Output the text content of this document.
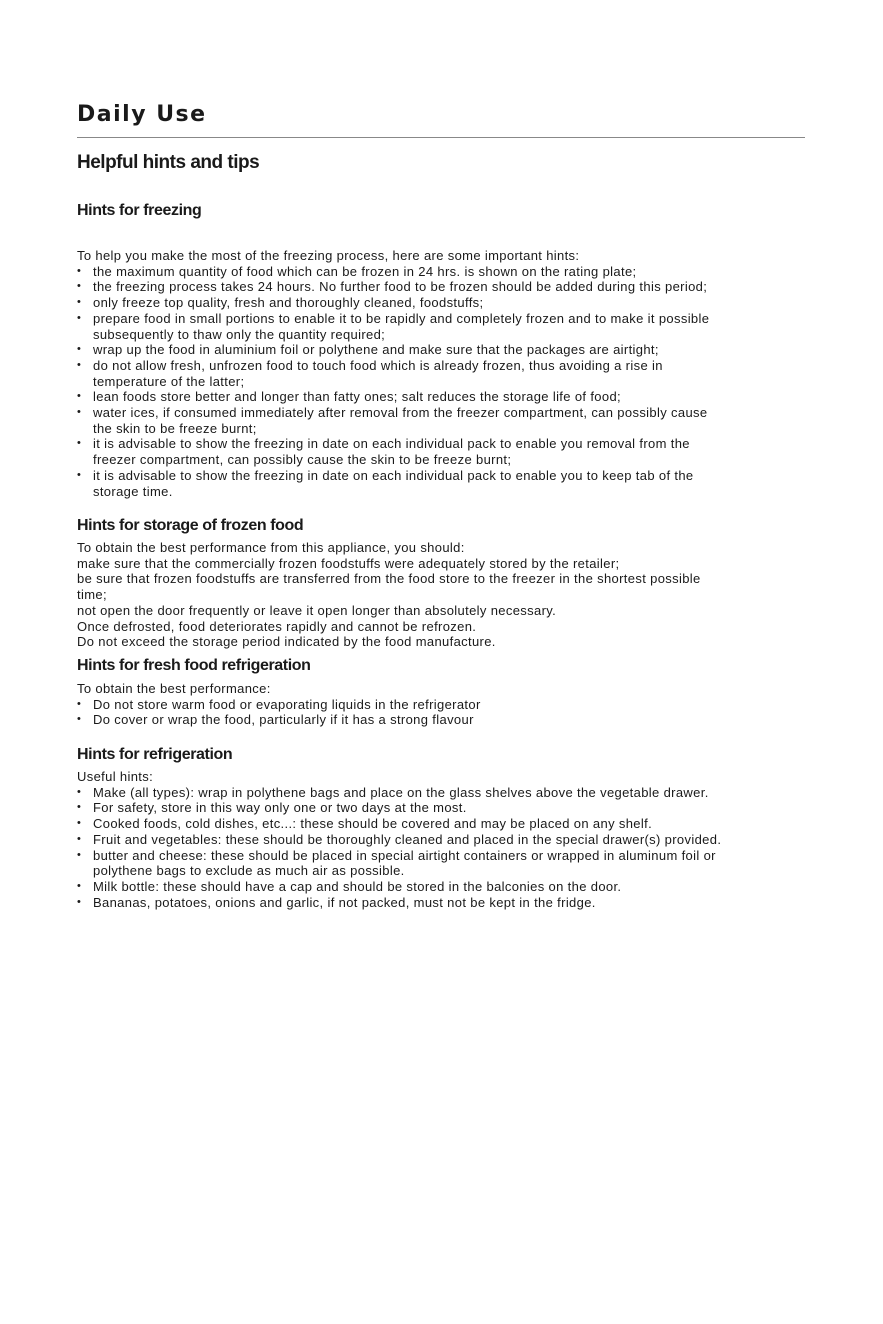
Daily Use
Helpful hints and tips
Hints for freezing

To help you make the most of the freezing process, here are some important hints:

• the maximum quantity of food which can be frozen in 24 hrs. is shown on the rating plate;
• the freezing process takes 24 hours. No further food to be frozen should be added during this period;
• only freeze top quality, fresh and thoroughly cleaned, foodstuffs;
• prepare food in small portions to enable it to be rapidly and completely frozen and to make it possible
subsequently to thaw only the quantity required;
• wrap up the food in aluminium foil or polythene and make sure that the packages are airtight;
• do not allow fresh, unfrozen food to touch food which is already frozen, thus avoiding a rise in
temperature of the latter;
• lean foods store better and longer than fatty ones; salt reduces the storage life of food;
• water ices, if consumed immediately after removal from the freezer compartment, can possibly cause
the skin to be freeze burnt;
• it is advisable to show the freezing in date on each individual pack to enable you removal from the
freezer compartment, can possibly cause the skin to be freeze burnt;
• it is advisable to show the freezing in date on each individual pack to enable you to keep tab of the
storage time.
Hints for storage of frozen food

To obtain the best performance from this appliance, you should:

make sure that the commercially frozen foodstuffs were adequately stored by the retailer;

be sure that frozen foodstuffs are transferred from the food store to the freezer in the shortest possible

time;

not open the door frequently or leave it open longer than absolutely necessary.

Once defrosted, food deteriorates rapidly and cannot be refrozen.

Do not exceed the storage period indicated by the food manufacture.

Hints for fresh food refrigeration

To obtain the best performance:

• Do not store warm food or evaporating liquids in the refrigerator
• Do cover or wrap the food, particularly if it has a strong flavour
Hints for refrigeration

Useful hints:

• Make (all types): wrap in polythene bags and place on the glass shelves above the vegetable drawer.
• For safety, store in this way only one or two days at the most.
• Cooked foods, cold dishes, etc...: these should be covered and may be placed on any shelf.
• Fruit and vegetables: these should be thoroughly cleaned and placed in the special drawer(s) provided.
• butter and cheese: these should be placed in special airtight containers or wrapped in aluminum foil or
polythene bags to exclude as much air as possible.
• Milk bottle: these should have a cap and should be stored in the balconies on the door.
• Bananas, potatoes, onions and garlic, if not packed, must not be kept in the fridge.
